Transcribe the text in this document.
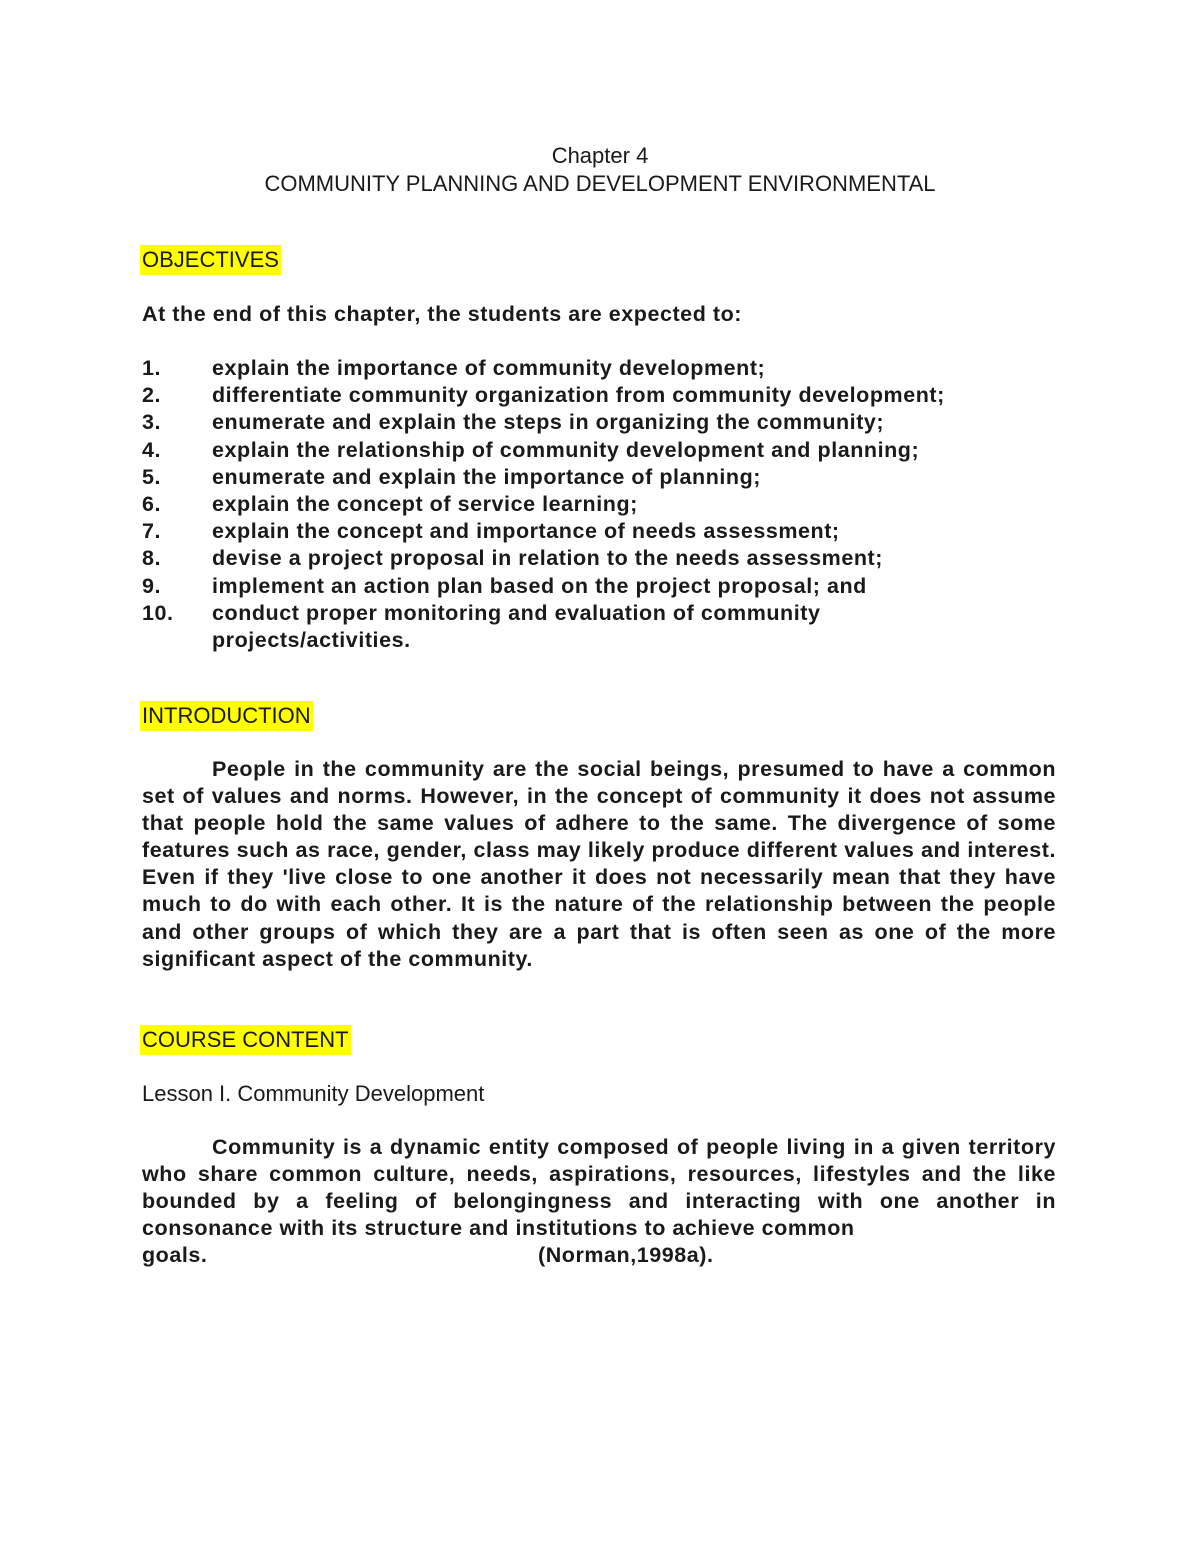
Chapter 4
COMMUNITY PLANNING AND DEVELOPMENT ENVIRONMENTAL
OBJECTIVES
At the end of this chapter, the students are expected to:
1.	explain the importance of community development;
2.	differentiate community organization from community development;
3.	enumerate and explain the steps in organizing the community;
4.	explain the relationship of community development and planning;
5.	enumerate and explain the importance of planning;
6.	explain the concept of service learning;
7.	explain the concept and importance of needs assessment;
8.	devise a project proposal in relation to the needs assessment;
9.	implement an action plan based on the project proposal; and
10.	conduct proper monitoring and evaluation of community projects/activities.
INTRODUCTION

People in the community are the social beings, presumed to have a common set of values and norms. However, in the concept of community it does not assume that people hold the same values of adhere to the same. The divergence of some features such as race, gender, class may likely produce different values and interest. Even if they 'live close to one another it does not necessarily mean that they have much to do with each other. It is the nature of the relationship between the people and other groups of which they are a part that is often seen as one of the more significant aspect of the community.

COURSE CONTENT
Lesson I. Community Development

Community is a dynamic entity composed of people living in a given territory who share common culture, needs, aspirations, resources, lifestyles and the like bounded by a feeling of belongingness and interacting with one another in consonance with its structure and institutions to achieve common

goals.	(Norman,1998a).
